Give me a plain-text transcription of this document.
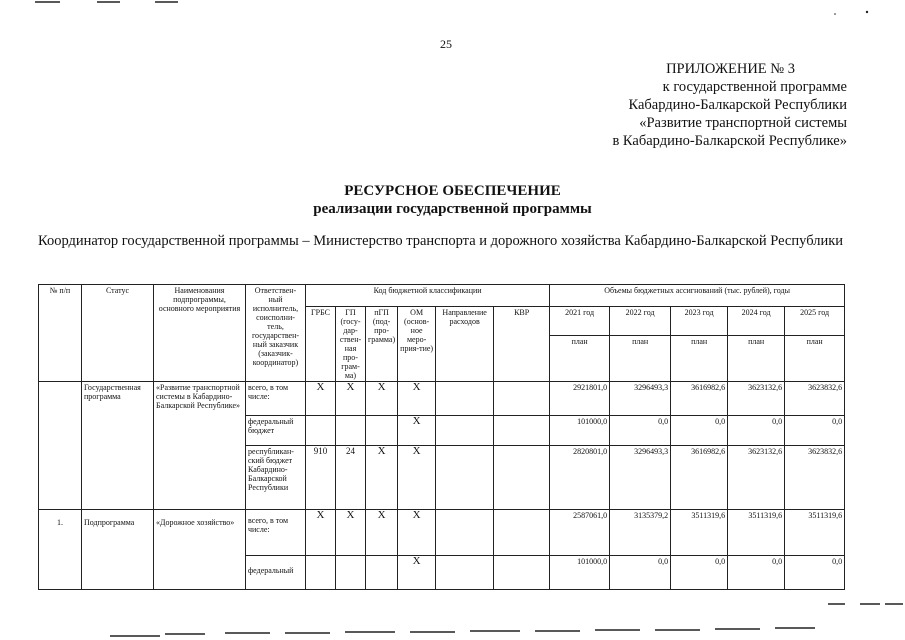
25
ПРИЛОЖЕНИЕ № 3
к государственной программе
Кабардино-Балкарской Республики
«Развитие транспортной системы
в Кабардино-Балкарской Республике»
РЕСУРСНОЕ ОБЕСПЕЧЕНИЕ
реализации государственной программы
Координатор государственной программы – Министерство транспорта и дорожного хозяйства Кабардино-Балкарской Республики
№ п/п	Статус	Наименования подпрограммы, основного мероприятия	Ответствен-ный исполнитель, соисполни-тель, государствен-ный заказчик (заказчик-координатор)	Код бюджетной классификации						Объемы бюджетных ассигнований (тыс. рублей), годы				
				ГРБС	ГП (госу-дар-ствен-ная про-грам-ма)	пГП (под-про-грамма)	ОМ (основ-ное меро-прия-тие)	Направление расходов	КВР	2021 год	2022 год	2023 год	2024 год	2025 год
										план	план	план	план	план
	Государственная программа	«Развитие транспортной системы в Кабардино-Балкарской Республике»	всего, в том числе:	Х	Х	Х	Х			2921801,0	3296493,3	3616982,6	3623132,6	3623832,6
			федеральный бюджет				Х			101000,0	0,0	0,0	0,0	0,0
			республикан-ский бюджет Кабардино-Балкарской Республики	910	24	Х	Х			2820801,0	3296493,3	3616982,6	3623132,6	3623832,6
1.	Подпрограмма	«Дорожное хозяйство»	всего, в том числе:	Х	Х	Х	Х			2587061,0	3135379,2	3511319,6	3511319,6	3511319,6
			федеральный				Х			101000,0	0,0	0,0	0,0	0,0
